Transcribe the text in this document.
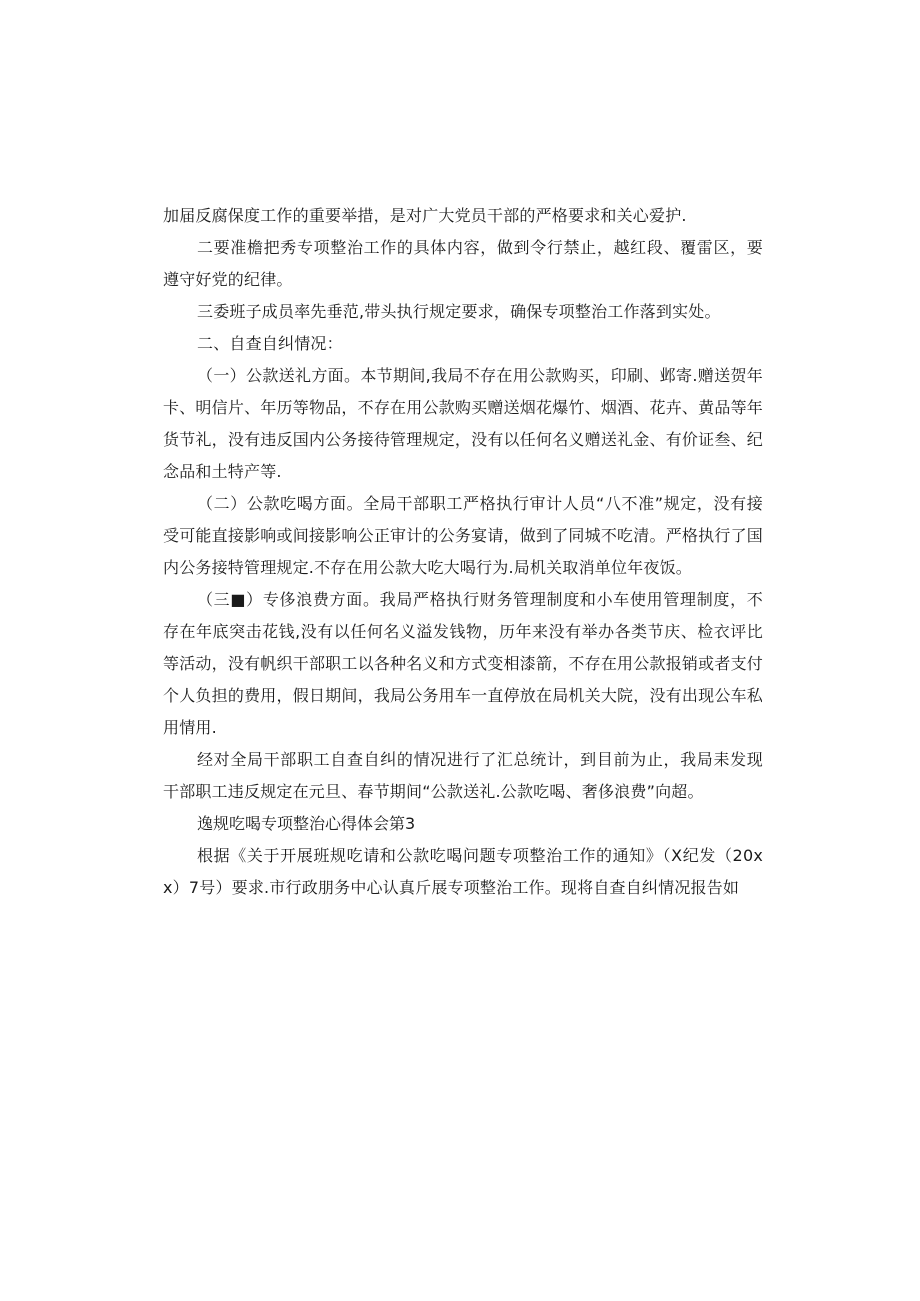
加届反腐保度工作的重要举措，是对广大党员干部的严格要求和关心爱护.

二要准檐把秀专项整治工作的具体内容，做到令行禁止，越红段、覆雷区，要遵守好党的纪律。

三委班子成员率先垂范,带头执行规定要求，确保专项整治工作落到实处。

二、自查自纠情况：

（一）公款送礼方面。本节期间,我局不存在用公款购买，印刷、邺寄.赠送贺年卡、明信片、年历等物品，不存在用公款购买赠送烟花爆竹、烟酒、花卉、黄品等年货节礼，没有违反国内公务接待管理规定，没有以任何名义赠送礼金、有价证叁、纪念品和土特产等.

（二）公款吃喝方面。全局干部职工严格执行审计人员“八不准”规定，没有接受可能直接影响或间接影响公正审计的公务宴请，做到了同城不吃清。严格执行了国内公务接特管理规定.不存在用公款大吃大喝行为.局机关取消单位年夜饭。

（三■）专侈浪费方面。我局严格执行财务管理制度和小车使用管理制度，不存在年底突击花钱,没有以任何名义溢发钱物，历年来没有举办各类节庆、检衣评比等活动，没有帆织干部职工以各种名义和方式变相漆箭，不存在用公款报销或者支付个人负担的费用，假日期间，我局公务用车一直停放在局机关大院，没有出现公车私用情用.

经对全局干部职工自查自纠的情况进行了汇总统计，到目前为止，我局耒发现干部职工违反规定在元旦、春节期间“公款送礼.公款吃喝、奢侈浪费”向超。

逸规吃喝专项整治心得体会第3

根据《关于开展班规吃请和公款吃喝问题专项整治工作的通知》（X纪发（20xx）7号）要求.市行政朋务中心认真斤展专项整治工作。现将自查自纠情况报告如
